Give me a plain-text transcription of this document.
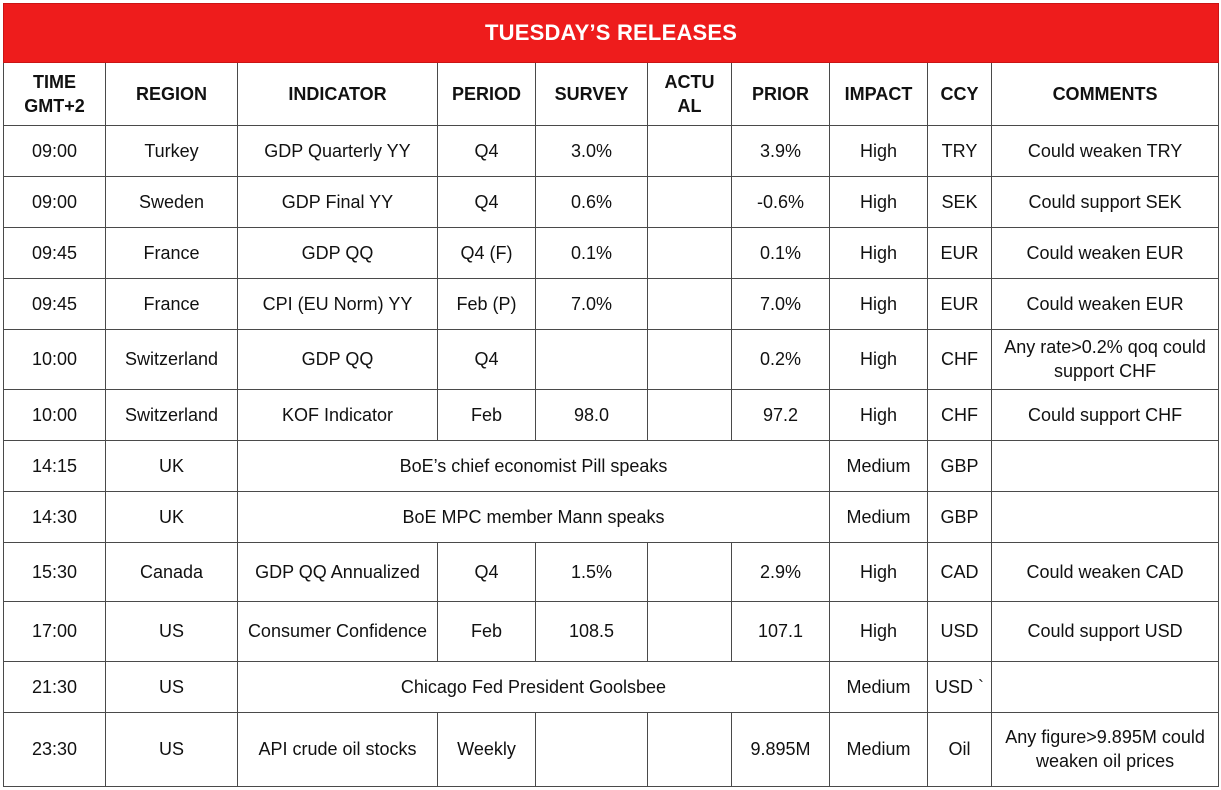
TUESDAY’S RELEASES									
TIME GMT+2	REGION	INDICATOR	PERIOD	SURVEY	ACTU AL	PRIOR	IMPACT	CCY	COMMENTS
09:00	Turkey	GDP Quarterly YY	Q4	3.0%		3.9%	High	TRY	Could weaken TRY
09:00	Sweden	GDP Final YY	Q4	0.6%		-0.6%	High	SEK	Could support SEK
09:45	France	GDP QQ	Q4 (F)	0.1%		0.1%	High	EUR	Could weaken EUR
09:45	France	CPI (EU Norm) YY	Feb (P)	7.0%		7.0%	High	EUR	Could weaken EUR
10:00	Switzerland	GDP QQ	Q4			0.2%	High	CHF	Any rate>0.2% qoq could support CHF
10:00	Switzerland	KOF Indicator	Feb	98.0		97.2	High	CHF	Could support CHF
14:15	UK	BoE’s chief economist Pill speaks					Medium	GBP	
14:30	UK	BoE MPC member Mann speaks					Medium	GBP	
15:30	Canada	GDP QQ Annualized	Q4	1.5%		2.9%	High	CAD	Could weaken CAD
17:00	US	Consumer Confidence	Feb	108.5		107.1	High	USD	Could support USD
21:30	US	Chicago Fed President Goolsbee					Medium	USD `	
23:30	US	API crude oil stocks	Weekly			9.895M	Medium	Oil	Any figure>9.895M could weaken oil prices
